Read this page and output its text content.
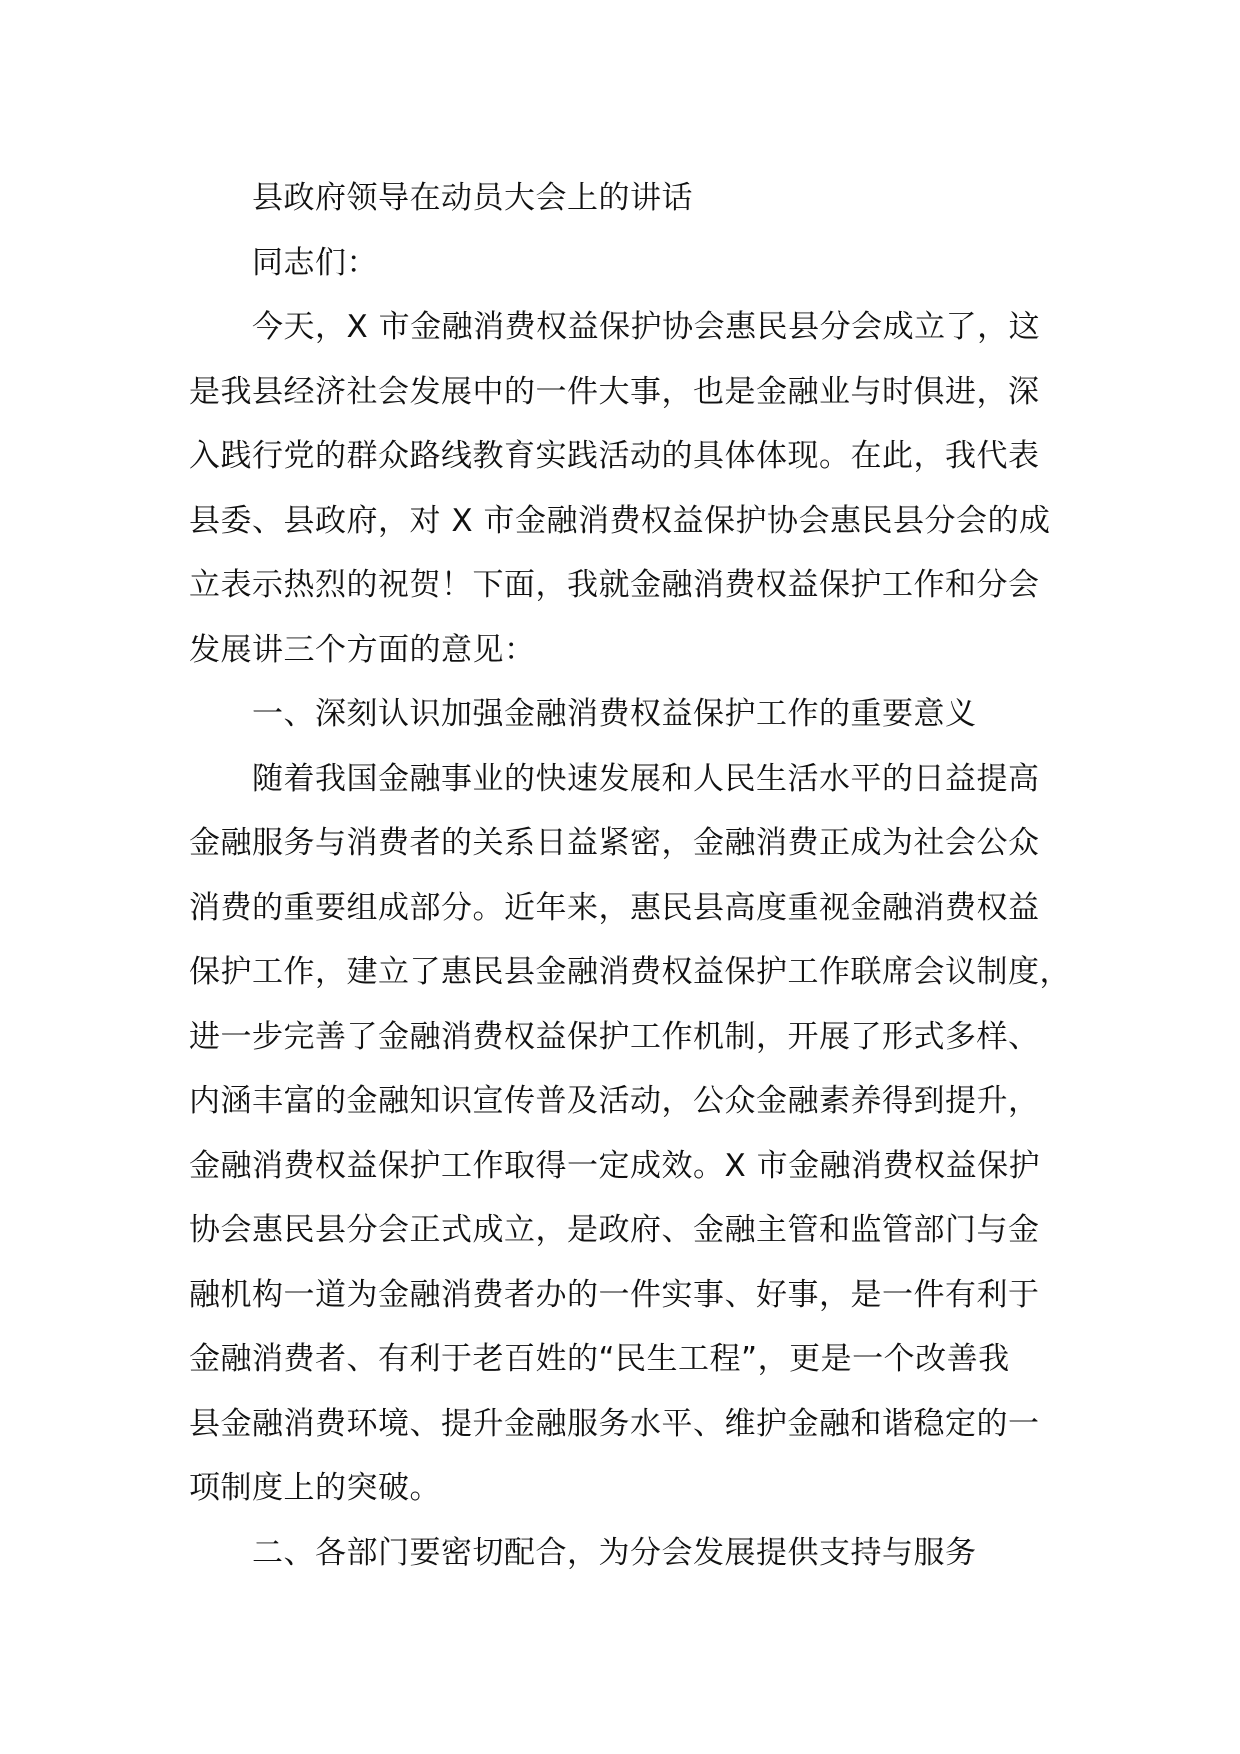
县政府领导在动员大会上的讲话
同志们：
今天，X 市金融消费权益保护协会惠民县分会成立了，这
是我县经济社会发展中的一件大事，也是金融业与时俱进，深
入践行党的群众路线教育实践活动的具体体现。在此，我代表
县委、县政府，对 X 市金融消费权益保护协会惠民县分会的成
立表示热烈的祝贺！下面，我就金融消费权益保护工作和分会
发展讲三个方面的意见：
一、深刻认识加强金融消费权益保护工作的重要意义
随着我国金融事业的快速发展和人民生活水平的日益提高
金融服务与消费者的关系日益紧密，金融消费正成为社会公众
消费的重要组成部分。近年来，惠民县高度重视金融消费权益
保护工作，建立了惠民县金融消费权益保护工作联席会议制度，
进一步完善了金融消费权益保护工作机制，开展了形式多样、
内涵丰富的金融知识宣传普及活动，公众金融素养得到提升，
金融消费权益保护工作取得一定成效。X 市金融消费权益保护
协会惠民县分会正式成立，是政府、金融主管和监管部门与金
融机构一道为金融消费者办的一件实事、好事，是一件有利于
金融消费者、有利于老百姓的“民生工程”，更是一个改善我
县金融消费环境、提升金融服务水平、维护金融和谐稳定的一
项制度上的突破。
二、各部门要密切配合，为分会发展提供支持与服务
